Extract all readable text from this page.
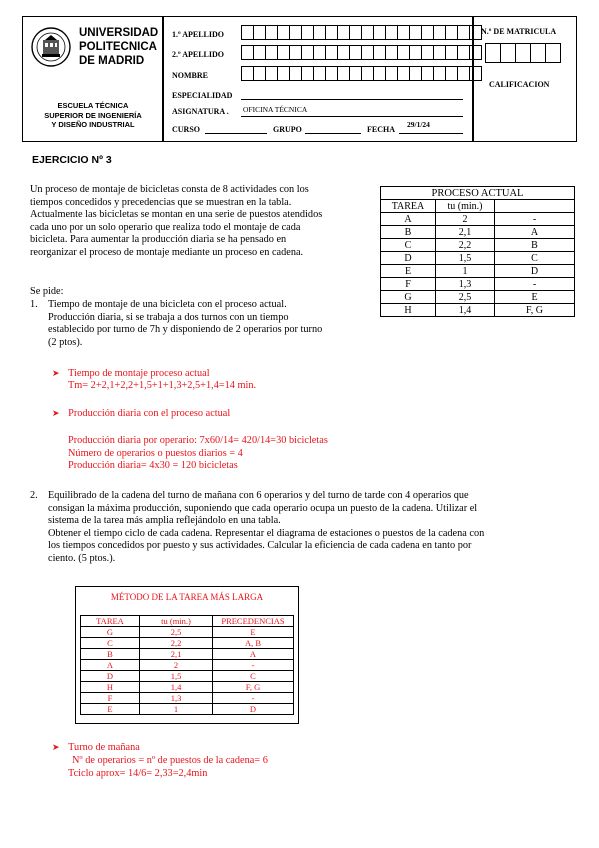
UNIVERSIDAD
POLITECNICA
DE MADRID
ESCUELA TÉCNICA
SUPERIOR DE INGENIERÍA
Y DISEÑO INDUSTRIAL
1.º APELLIDO
2.º APELLIDO
NOMBRE
ESPECIALIDAD
ASIGNATURA . OFICINA TÉCNICA
CURSO	GRUPO	FECHA
29/1/24
N.º DE MATRICULA
CALIFICACION
EJERCICIO Nº 3
Un proceso de montaje de bicicletas consta de 8 actividades con los
tiempos concedidos y precedencias que se muestran en la tabla.
Actualmente las bicicletas se montan en una serie de puestos atendidos
cada uno por un solo operario que realiza todo el montaje de cada
bicicleta. Para aumentar la producción diaria se ha pensado en
reorganizar el proceso de montaje mediante un proceso en cadena.
PROCESO ACTUAL		
TAREA	tu (min.)	
A	2	-
B	2,1	A
C	2,2	B
D	1,5	C
E	1	D
F	1,3	-
G	2,5	E
H	1,4	F, G
Se pide:
1. Tiempo de montaje de una bicicleta con el proceso actual.
Producción diaria, si se trabaja a dos turnos con un tiempo
establecido por turno de 7h y disponiendo de 2 operarios por turno
(2 ptos).
➤ Tiempo de montaje proceso actual
Tm= 2+2,1+2,2+1,5+1+1,3+2,5+1,4=14 min.
➤ Producción diaria con el proceso actual
Producción diaria por operario: 7x60/14= 420/14=30 bicicletas
Número de operarios o puestos diarios = 4
Producción diaria= 4x30 = 120 bicicletas
2. Equilibrado de la cadena del turno de mañana con 6 operarios y del turno de tarde con 4 operarios que
consigan la máxima producción, suponiendo que cada operario ocupa un puesto de la cadena. Utilizar el
sistema de la tarea más amplia reflejándolo en una tabla.
Obtener el tiempo ciclo de cada cadena. Representar el diagrama de estaciones o puestos de la cadena con
los tiempos concedidos por puesto y sus actividades. Calcular la eficiencia de cada cadena en tanto por
ciento. (5 ptos.).
MÉTODO DE LA TAREA MÁS LARGA
TAREA	tu (min.)	PRECEDENCIAS
G	2,5	E
C	2,2	A, B
B	2,1	A
A	2	-
D	1,5	C
H	1,4	F, G
F	1,3	-
E	1	D
➤ Turno de mañana
Nº de operarios = nº de puestos de la cadena= 6
Tciclo aprox= 14/6= 2,33=2,4min
